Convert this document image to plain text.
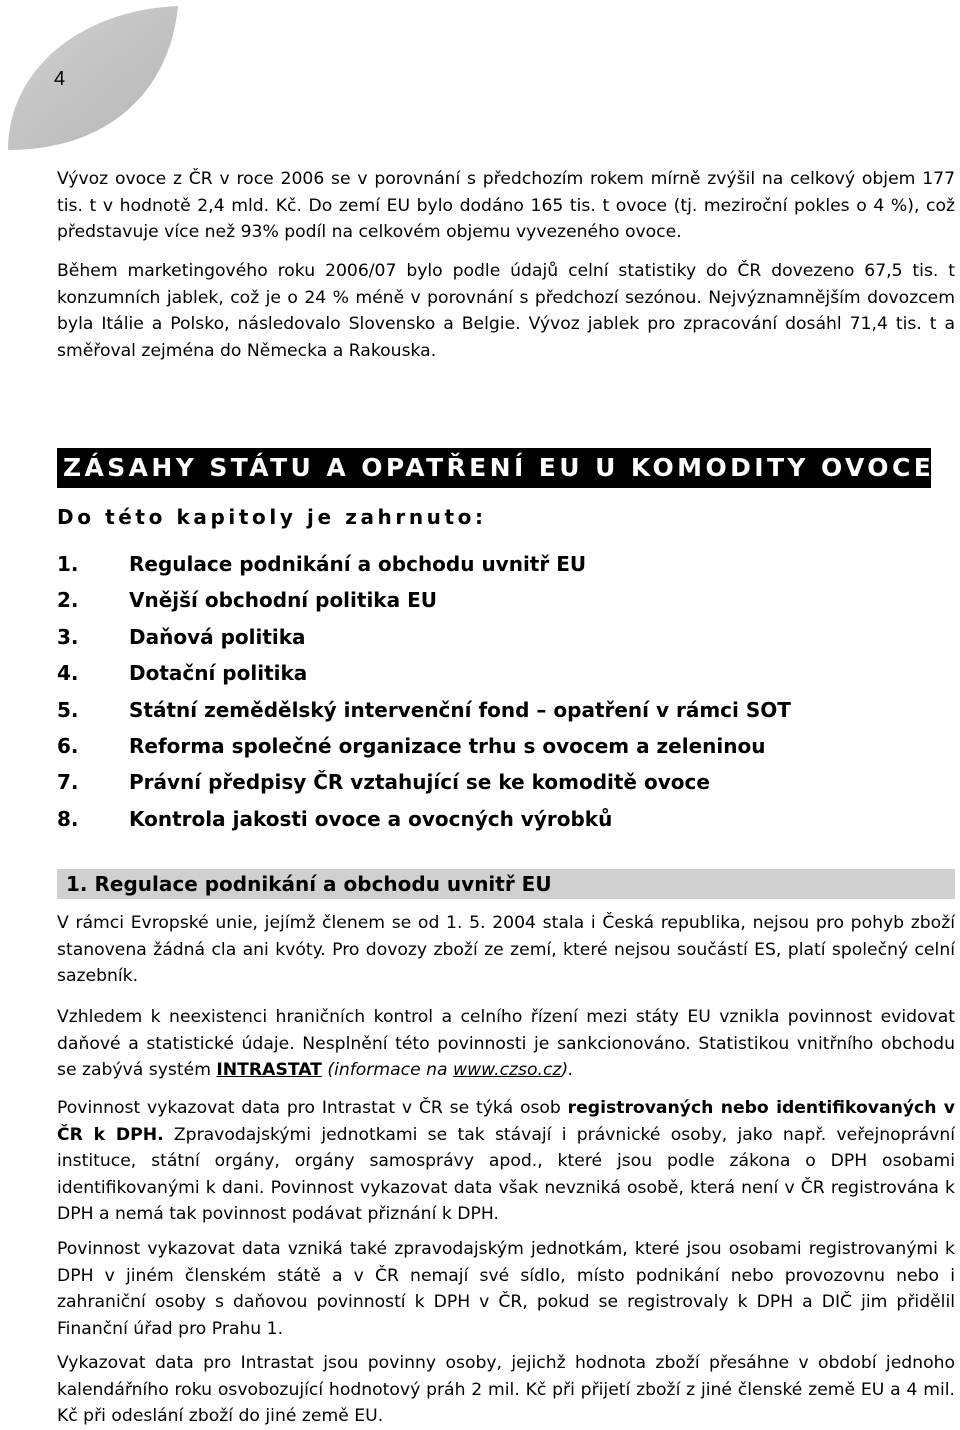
4

Vývoz ovoce z ČR v roce 2006 se v porovnání s předchozím rokem mírně zvýšil na celkový objem 177 tis. t v hodnotě 2,4 mld. Kč. Do zemí EU bylo dodáno 165 tis. t ovoce (tj. meziroční pokles o 4 %), což představuje více než 93% podíl na celkovém objemu vyvezeného ovoce.

Během marketingového roku 2006/07 bylo podle údajů celní statistiky do ČR dovezeno 67,5 tis. t konzumních jablek, což je o 24 % méně v porovnání s předchozí sezónou. Nejvýznamnějším dovozcem byla Itálie a Polsko, následovalo Slovensko a Belgie. Vývoz jablek pro zpracování dosáhl 71,4 tis. t a směřoval zejména do Německa a Rakouska.

ZÁSAHY STÁTU A OPATŘENÍ EU U KOMODITY OVOCE
Do této kapitoly je zahrnuto:
1.	Regulace podnikání a obchodu uvnitř EU
2.	Vnější obchodní politika EU
3.	Daňová politika
4.	Dotační politika
5.	Státní zemědělský intervenční fond – opatření v rámci SOT
6.	Reforma společné organizace trhu s ovocem a zeleninou
7.	Právní předpisy ČR vztahující se ke komoditě ovoce
8.	Kontrola jakosti ovoce a ovocných výrobků
1. Regulace podnikání a obchodu uvnitř EU

V rámci Evropské unie, jejímž členem se od 1. 5. 2004 stala i Česká republika, nejsou pro pohyb zboží stanovena žádná cla ani kvóty. Pro dovozy zboží ze zemí, které nejsou součástí ES, platí společný celní sazebník.

Vzhledem k neexistenci hraničních kontrol a celního řízení mezi státy EU vznikla povinnost evidovat daňové a statistické údaje. Nesplnění této povinnosti je sankcionováno. Statistikou vnitřního obchodu se zabývá systém INTRASTAT (informace na www.czso.cz).

Povinnost vykazovat data pro Intrastat v ČR se týká osob registrovaných nebo identifikovaných v ČR k DPH. Zpravodajskými jednotkami se tak stávají i právnické osoby, jako např. veřejnoprávní instituce, státní orgány, orgány samosprávy apod., které jsou podle zákona o DPH osobami identifikovanými k dani. Povinnost vykazovat data však nevzniká osobě, která není v ČR registrována k DPH a nemá tak povinnost podávat přiznání k DPH.

Povinnost vykazovat data vzniká také zpravodajským jednotkám, které jsou osobami registrovanými k DPH v jiném členském státě a v ČR nemají své sídlo, místo podnikání nebo provozovnu nebo i zahraniční osoby s daňovou povinností k DPH v ČR, pokud se registrovaly k DPH a DIČ jim přidělil Finanční úřad pro Prahu 1.

Vykazovat data pro Intrastat jsou povinny osoby, jejichž hodnota zboží přesáhne v období jednoho kalendářního roku osvobozující hodnotový práh 2 mil. Kč při přijetí zboží z jiné členské země EU a 4 mil. Kč při odeslání zboží do jiné země EU.
